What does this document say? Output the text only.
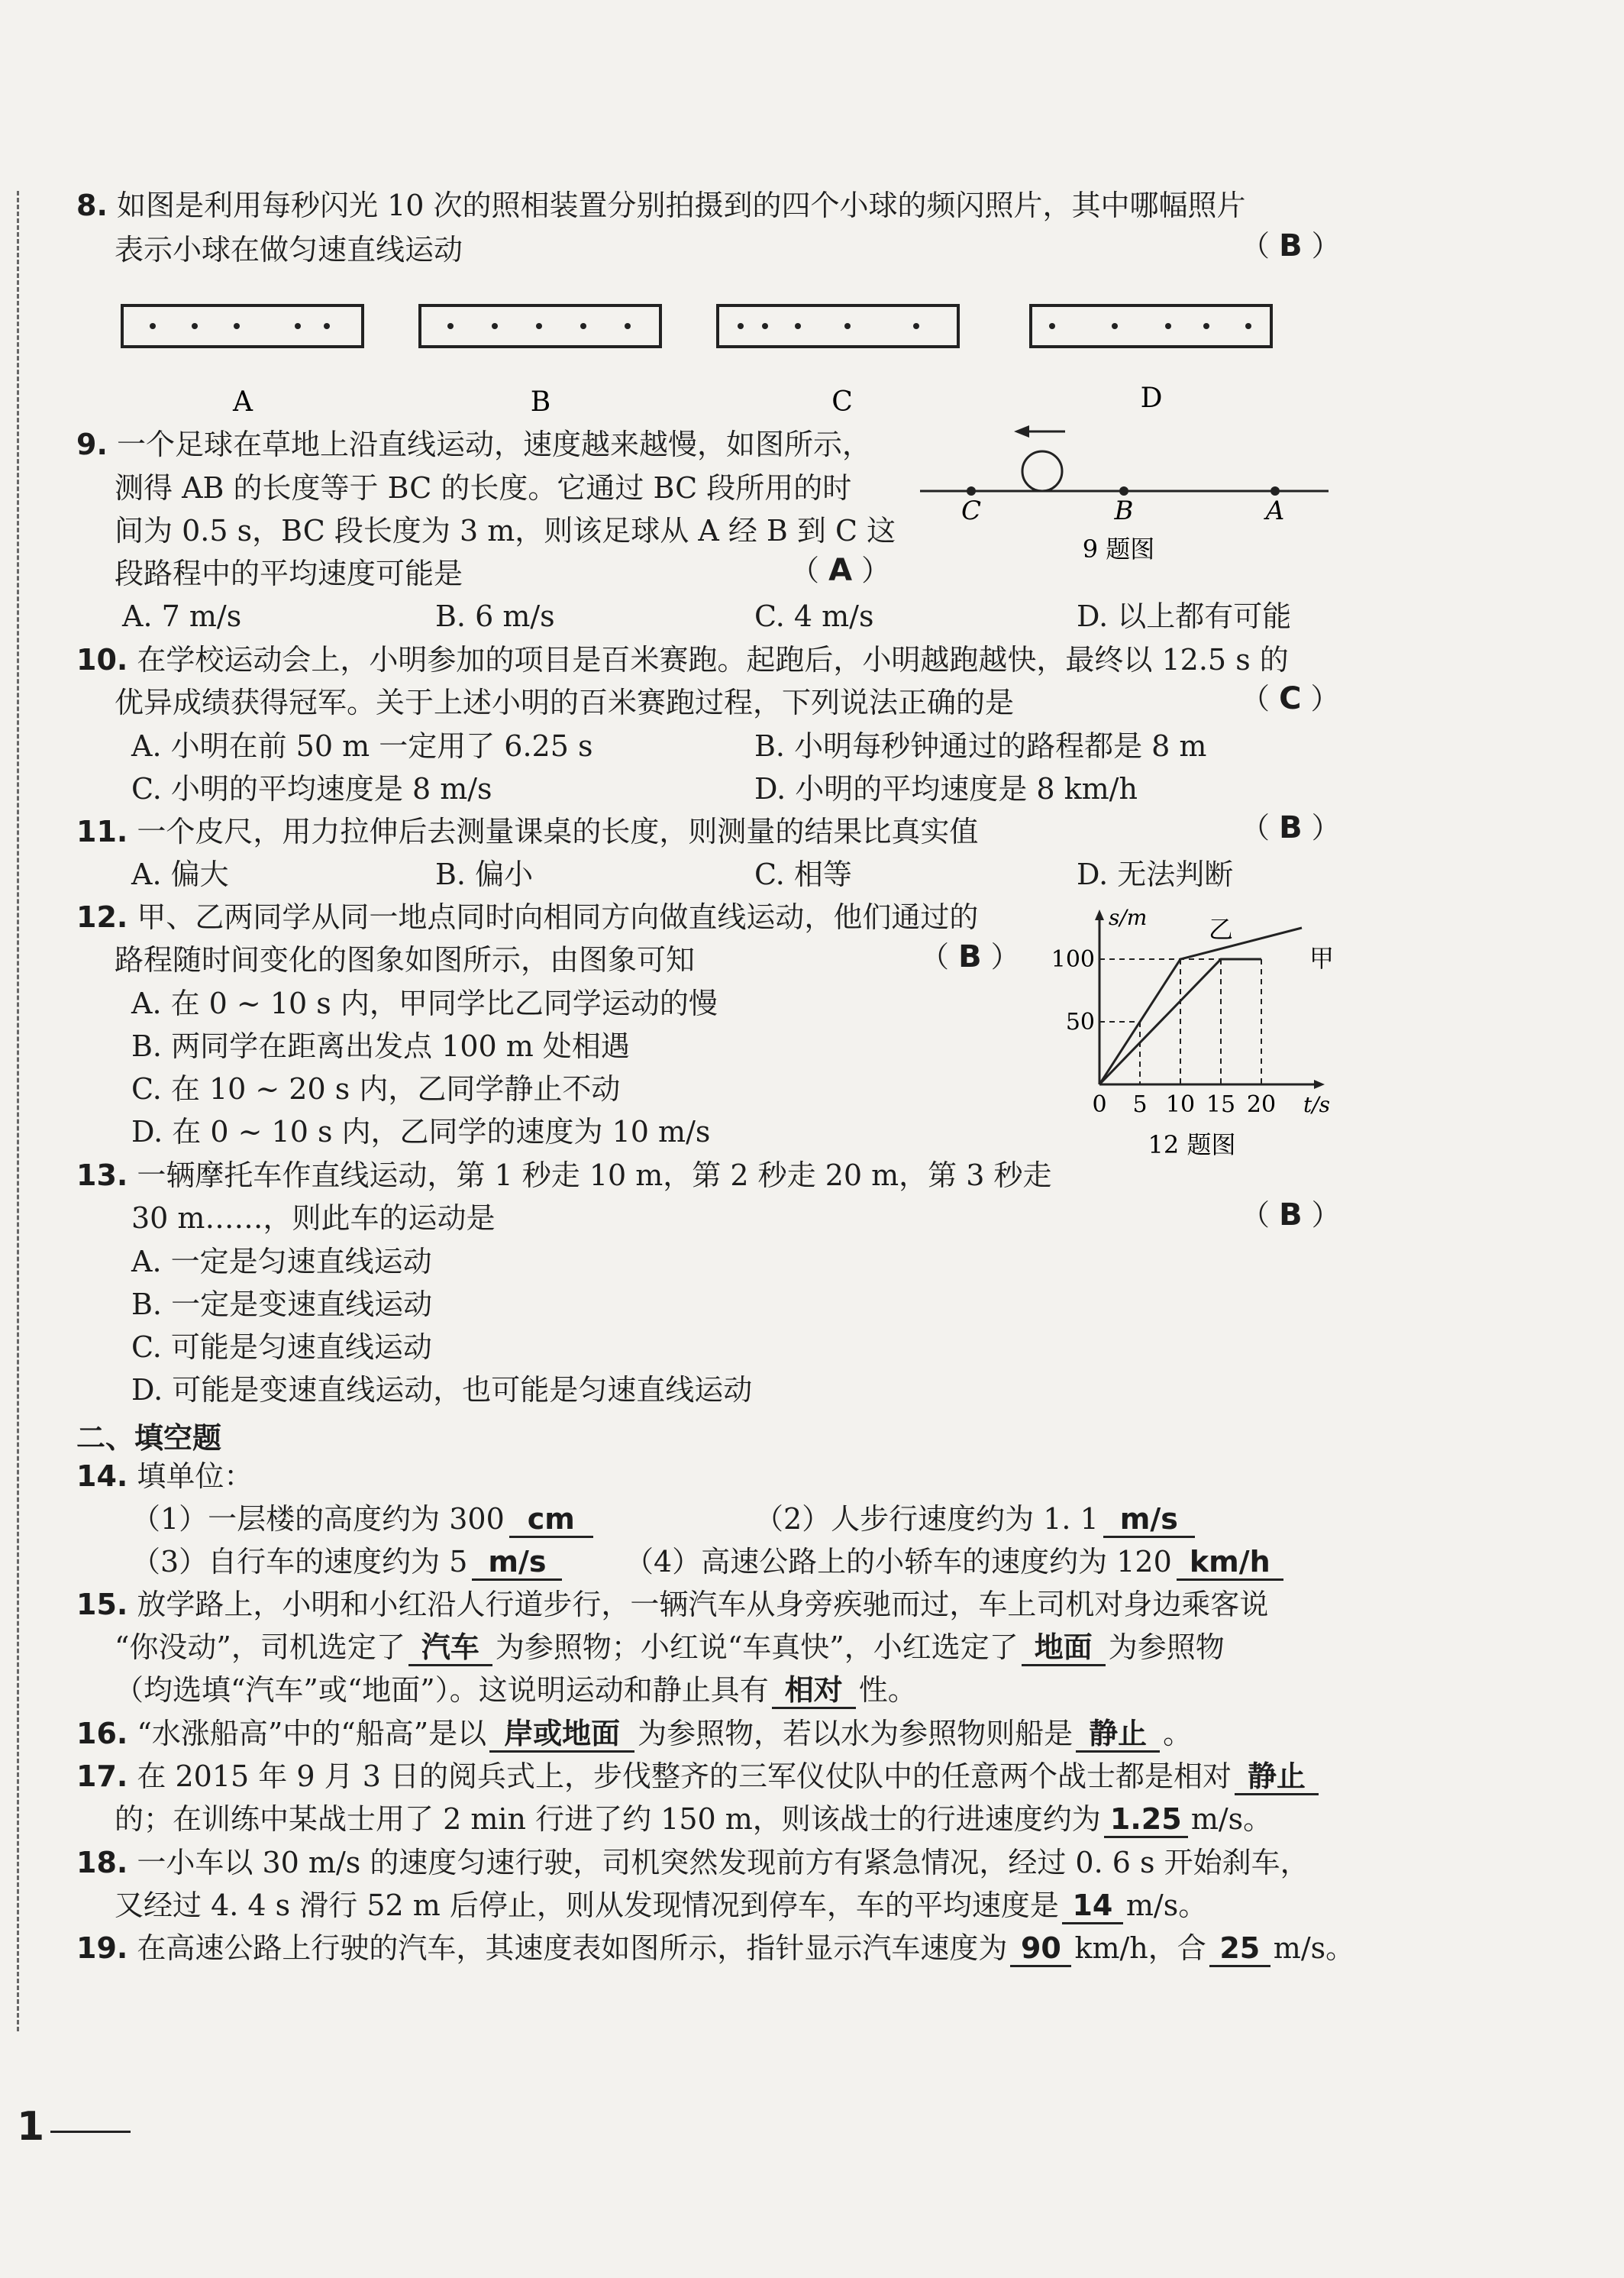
8. 如图是利用每秒闪光 10 次的照相装置分别拍摄到的四个小球的频闪照片，其中哪幅照片
表示小球在做匀速直线运动	（ B ）
A	B	C	D
9. 一个足球在草地上沿直线运动，速度越来越慢，如图所示，
测得 AB 的长度等于 BC 的长度。它通过 BC 段所用的时
间为 0.5 s，BC 段长度为 3 m，则该足球从 A 经 B 到 C 这
段路程中的平均速度可能是	（ A ）
C	B	A
9 题图
A. 7 m/s	B. 6 m/s	C. 4 m/s	D. 以上都有可能
10. 在学校运动会上，小明参加的项目是百米赛跑。起跑后，小明越跑越快，最终以 12.5 s 的
优异成绩获得冠军。关于上述小明的百米赛跑过程，下列说法正确的是	（ C ）
A. 小明在前 50 m 一定用了 6.25 s	B. 小明每秒钟通过的路程都是 8 m
C. 小明的平均速度是 8 m/s	D. 小明的平均速度是 8 km/h
11. 一个皮尺，用力拉伸后去测量课桌的长度，则测量的结果比真实值	（ B ）
A. 偏大	B. 偏小	C. 相等	D. 无法判断
12. 甲、乙两同学从同一地点同时向相同方向做直线运动，他们通过的
路程随时间变化的图象如图所示，由图象可知	（ B ）
A. 在 0 ~ 10 s 内，甲同学比乙同学运动的慢
B. 两同学在距离出发点 100 m 处相遇
C. 在 10 ~ 20 s 内，乙同学静止不动
D. 在 0 ~ 10 s 内，乙同学的速度为 10 m/s
s/m
t/s
0 5 10 15 20
50
100	甲
乙
12 题图
13. 一辆摩托车作直线运动，第 1 秒走 10 m，第 2 秒走 20 m，第 3 秒走
30 m……，则此车的运动是	（ B ）
A. 一定是匀速直线运动
B. 一定是变速直线运动
C. 可能是匀速直线运动
D. 可能是变速直线运动，也可能是匀速直线运动
二、填空题
14. 填单位：
（1）一层楼的高度约为 300 cm	（2）人步行速度约为 1. 1 m/s
（3）自行车的速度约为 5 m/s	（4）高速公路上的小轿车的速度约为 120 km/h
15. 放学路上，小明和小红沿人行道步行，一辆汽车从身旁疾驰而过，车上司机对身边乘客说
“你没动”，司机选定了 汽车 为参照物；小红说“车真快”，小红选定了 地面 为参照物
（均选填“汽车”或“地面”）。这说明运动和静止具有 相对 性。
16. “水涨船高”中的“船高”是以 岸或地面 为参照物，若以水为参照物则船是 静止 。
17. 在 2015 年 9 月 3 日的阅兵式上，步伐整齐的三军仪仗队中的任意两个战士都是相对 静止
的；在训练中某战士用了 2 min 行进了约 150 m，则该战士的行进速度约为 1.25 m/s。
18. 一小车以 30 m/s 的速度匀速行驶，司机突然发现前方有紧急情况，经过 0. 6 s 开始刹车，
又经过 4. 4 s 滑行 52 m 后停止，则从发现情况到停车，车的平均速度是 14 m/s。
19. 在高速公路上行驶的汽车，其速度表如图所示，指针显示汽车速度为 90 km/h，合 25 m/s。
1
